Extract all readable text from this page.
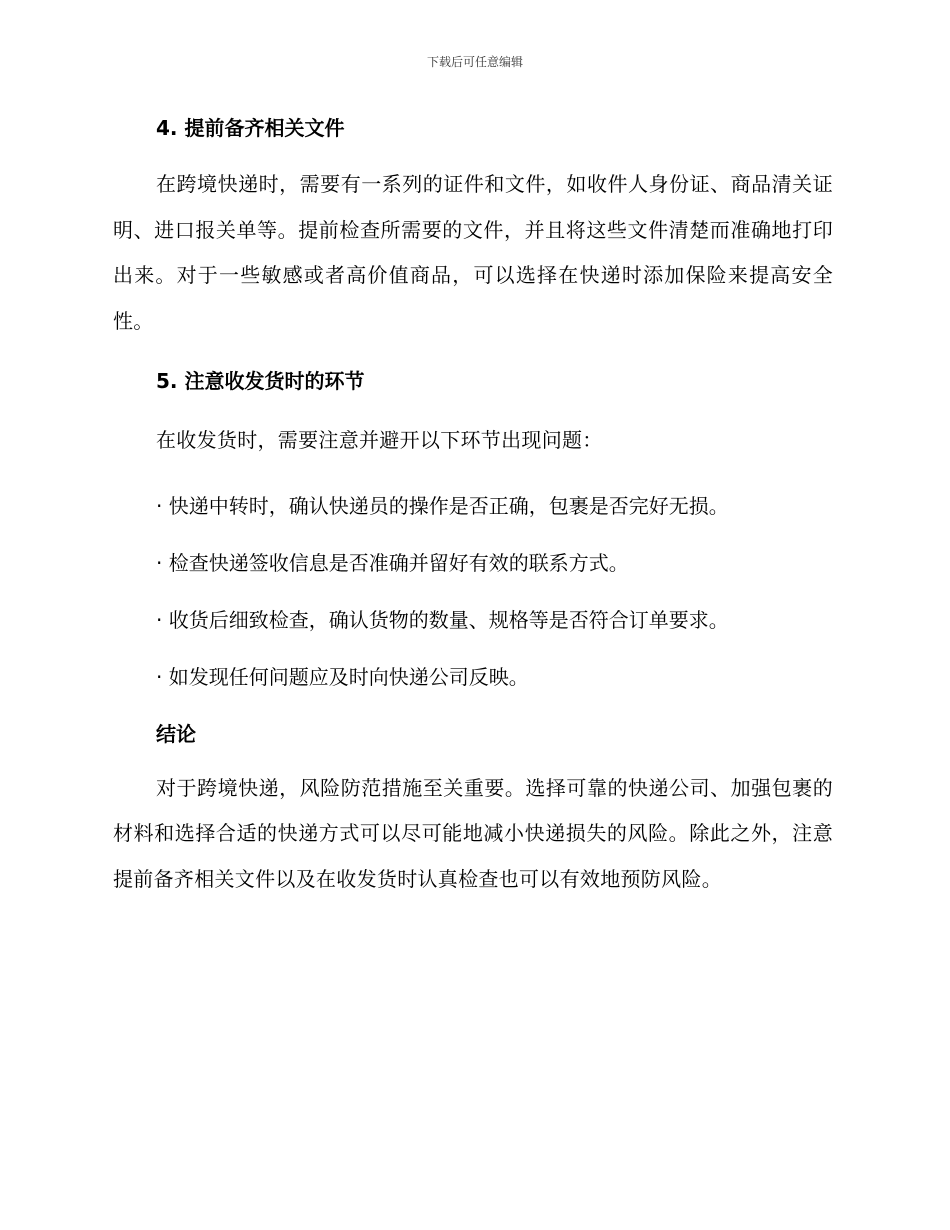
下载后可任意编辑

4. 提前备齐相关文件

在跨境快递时，需要有一系列的证件和文件，如收件人身份证、商品清关证明、进口报关单等。提前检查所需要的文件，并且将这些文件清楚而准确地打印出来。对于一些敏感或者高价值商品，可以选择在快递时添加保险来提高安全性。

5. 注意收发货时的环节

在收发货时，需要注意并避开以下环节出现问题：

· 快递中转时，确认快递员的操作是否正确，包裹是否完好无损。

· 检查快递签收信息是否准确并留好有效的联系方式。

· 收货后细致检查，确认货物的数量、规格等是否符合订单要求。

· 如发现任何问题应及时向快递公司反映。

结论

对于跨境快递，风险防范措施至关重要。选择可靠的快递公司、加强包裹的材料和选择合适的快递方式可以尽可能地减小快递损失的风险。除此之外，注意提前备齐相关文件以及在收发货时认真检查也可以有效地预防风险。
